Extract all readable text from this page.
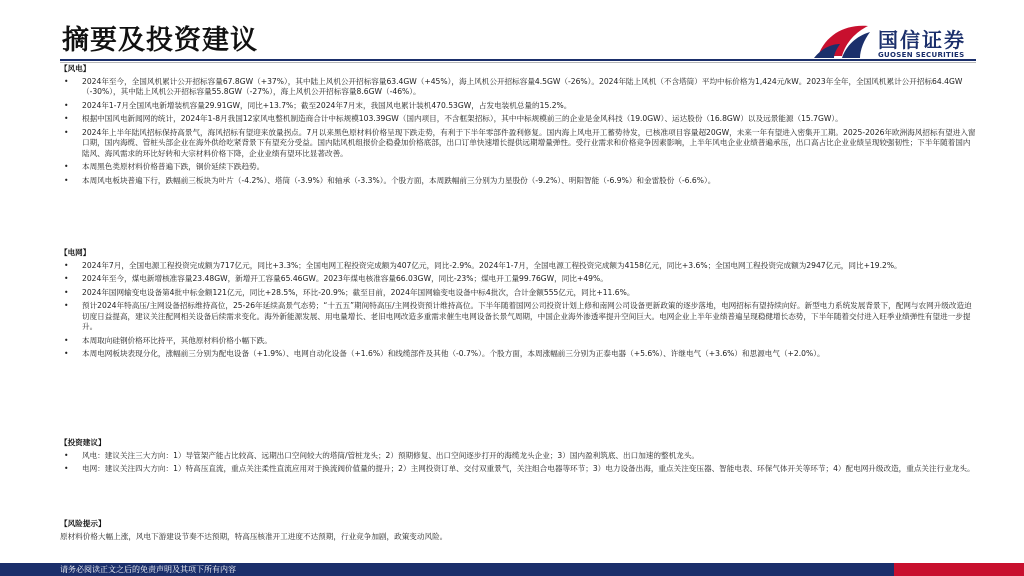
摘要及投资建议	国信证券
GUOSEN SECURITIES
【风电】
• 2024年至今，全国风机累计公开招标容量67.8GW（+37%），其中陆上风机公开招标容量63.4GW（+45%），海上风机公开招标容量4.5GW（-26%）。2024年陆上风机（不含塔筒）平均中标价格为1,424元/kW。2023年全年，全国风机累计公开招标64.4GW（-30%），其中陆上风机公开招标容量55.8GW（-27%），海上风机公开招标容量8.6GW（-46%）。
• 2024年1-7月全国风电新增装机容量29.91GW，同比+13.7%；截至2024年7月末，我国风电累计装机470.53GW，占发电装机总量的15.2%。
• 根据中国风电新闻网的统计，2024年1-8月我国12家风电整机制造商合计中标规模103.39GW（国内项目，不含框架招标），其中中标规模前三的企业是金风科技（19.0GW）、运达股份（16.8GW）以及远景能源（15.7GW）。
• 2024年上半年陆风招标保持高景气，海风招标有望迎来放量拐点。7月以来黑色原材料价格呈现下跌走势，有利于下半年零部件盈利修复。国内海上风电开工蓄势待发，已核准项目容量超20GW，未来一年有望进入密集开工期。2025-2026年欧洲海风招标有望进入窗口期，国内海缆、管桩头部企业在海外供给吃紧背景下有望充分受益。国内陆风机组报价企稳叠加价格底部，出口订单快速增长提供远期增量弹性。受行业需求和价格竞争因素影响，上半年风电企业业绩普遍承压，出口高占比企业业绩呈现较强韧性；下半年随着国内陆风、海风需求的环比好转和大宗材料价格下降，企业业绩有望环比显著改善。
• 本周黑色类原材料价格普遍下跌，铜价延续下跌趋势。
• 本周风电板块普遍下行，跌幅前三板块为叶片（-4.2%）、塔筒（-3.9%）和轴承（-3.3%）。个股方面，本周跌幅前三分别为力星股份（-9.2%）、明阳智能（-6.9%）和金雷股份（-6.6%）。
【电网】
• 2024年7月，全国电源工程投资完成额为717亿元，同比+3.3%；全国电网工程投资完成额为407亿元，同比-2.9%。2024年1-7月，全国电源工程投资完成额为4158亿元，同比+3.6%；全国电网工程投资完成额为2947亿元，同比+19.2%。
• 2024年至今，煤电新增核准容量23.48GW，新增开工容量65.46GW。2023年煤电核准容量66.03GW，同比-23%；煤电开工量99.76GW，同比+49%。
• 2024年国网输变电设备第4批中标金额121亿元，同比+28.5%，环比-20.9%；截至目前，2024年国网输变电设备中标4批次，合计金额555亿元，同比+11.6%。
• 预计2024年特高压/主网设备招标维持高位，25-26年延续高景气态势；“十五五”期间特高压/主网投资预计维持高位。下半年随着国网公司投资计划上修和南网公司设备更新政策的逐步落地，电网招标有望持续向好。新型电力系统发展背景下，配网与农网升级改造迫切度日益提高，建议关注配网相关设备后续需求变化。海外新能源发展、用电量增长、老旧电网改造多重需求催生电网设备长景气周期，中国企业海外渗透率提升空间巨大。电网企业上半年业绩普遍呈现稳健增长态势，下半年随着交付进入旺季业绩弹性有望进一步提升。
• 本周取向硅钢价格环比持平，其他原材料价格小幅下跌。
• 本周电网板块表现分化，涨幅前三分别为配电设备（+1.9%）、电网自动化设备（+1.6%）和线缆部件及其他（-0.7%）。个股方面，本周涨幅前三分别为正泰电器（+5.6%）、许继电气（+3.6%）和思源电气（+2.0%）。
【投资建议】
• 风电：建议关注三大方向：1）导管架产能占比较高、远期出口空间较大的塔筒/管桩龙头；2）预期修复、出口空间逐步打开的海缆龙头企业；3）国内盈利筑底、出口加速的整机龙头。
• 电网：建议关注四大方向：1）特高压直流，重点关注柔性直流应用对于换流阀价值量的提升；2）主网投资订单、交付双重景气，关注组合电器等环节；3）电力设备出海，重点关注变压器、智能电表、环保气体开关等环节；4）配电网升级改造，重点关注行业龙头。
【风险提示】
原材料价格大幅上涨，风电下游建设节奏不达预期，特高压核准开工进度不达预期，行业竞争加剧，政策变动风险。
请务必阅读正文之后的免责声明及其项下所有内容
